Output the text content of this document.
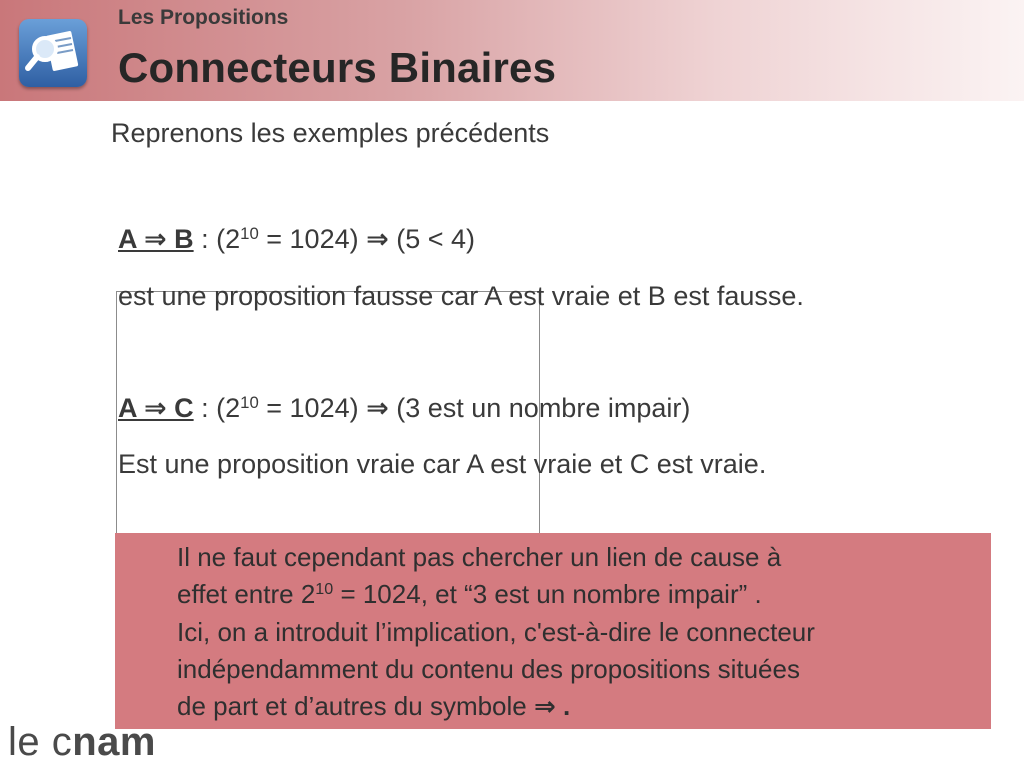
Les Propositions
Connecteurs Binaires
Reprenons les exemples précédents
A ⇒ B : $(2^{10} = 1024)$ ⇒ (5 < 4)
est une proposition fausse car A est vraie et B est fausse.
A ⇒ C : $(2^{10} = 1024)$ ⇒ (3 est un nombre impair)
Est une proposition vraie car A est vraie et C est vraie.
Il ne faut cependant pas chercher un lien de cause à
effet entre $2^{10} = 1024$, et “3 est un nombre impair” .
Ici, on a introduit l’implication, c'est-à-dire le connecteur
indépendamment du contenu des propositions situées
de part et d’autres du symbole ⇒ .
le cnam
